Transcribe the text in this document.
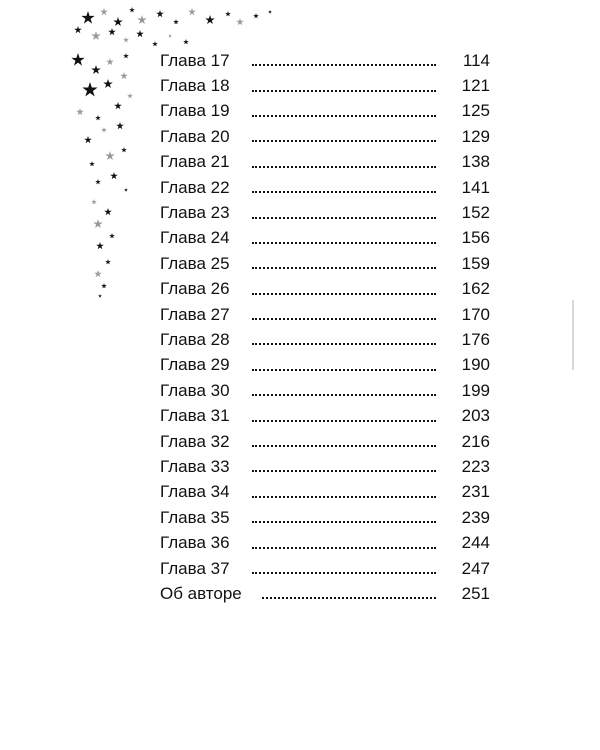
Глава 17	114
Глава 18	121
Глава 19	125
Глава 20	129
Глава 21	138
Глава 22	141
Глава 23	152
Глава 24	156
Глава 25	159
Глава 26	162
Глава 27	170
Глава 28	176
Глава 29	190
Глава 30	199
Глава 31	203
Глава 32	216
Глава 33	223
Глава 34	231
Глава 35	239
Глава 36	244
Глава 37	247
Об авторе	251
